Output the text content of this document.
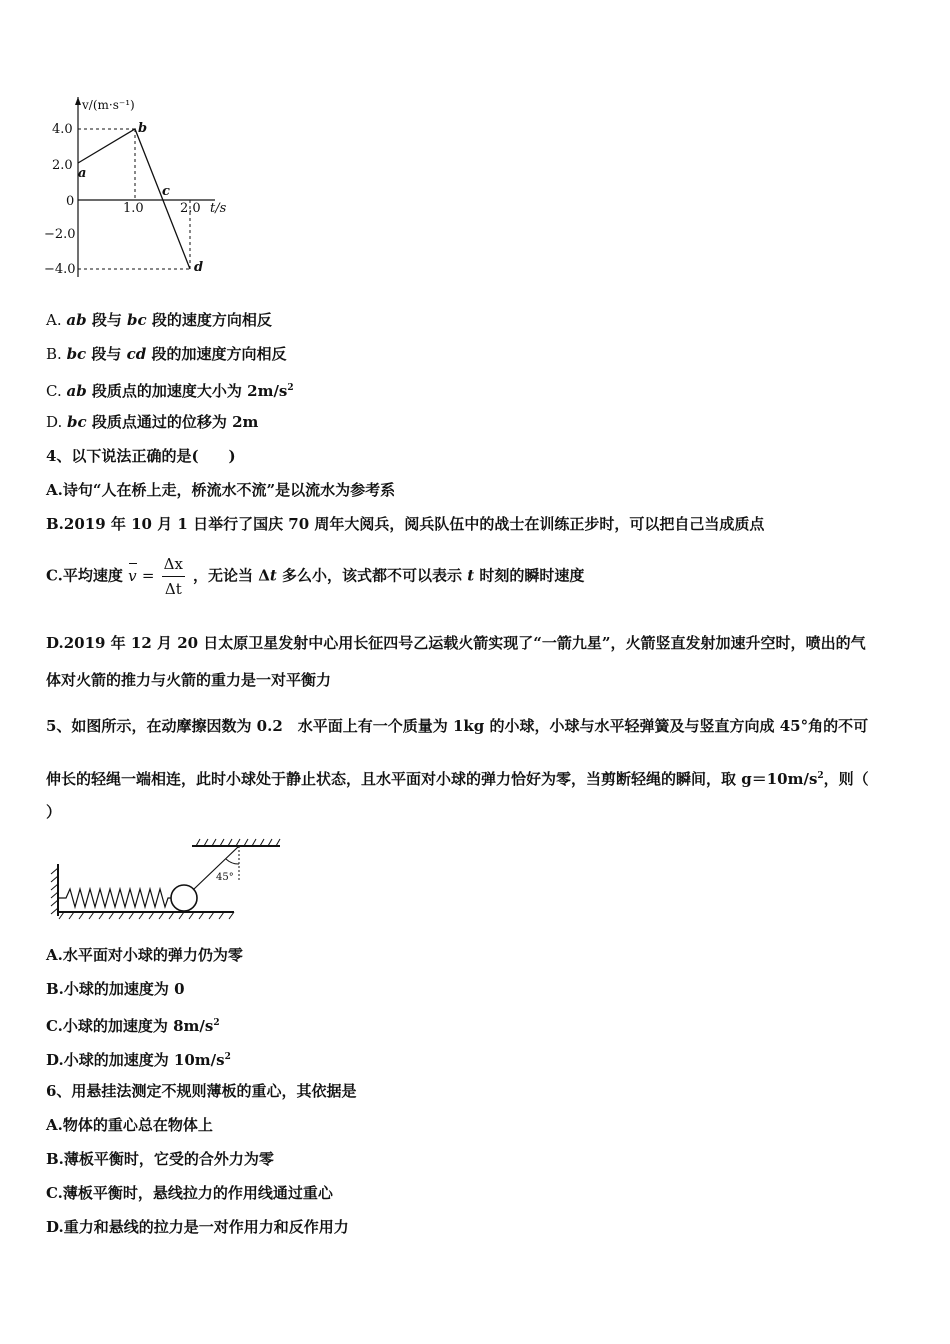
v/(m·s⁻¹)
t/s
4.0
2.0
0
−2.0
−4.0
1.0	2.0
a
b
c
d
A. ab 段与 bc 段的速度方向相反
B. bc 段与 cd 段的加速度方向相反
C. ab 段质点的加速度大小为 $2m/s^2$
D. bc 段质点通过的位移为 2m
4、以下说法正确的是(　　)
A.诗句“人在桥上走，桥流水不流”是以流水为参考系
B.2019 年 10 月 1 日举行了国庆 70 周年大阅兵，阅兵队伍中的战士在训练正步时，可以把自己当成质点
C.平均速度 $v = \frac{\Delta x}{\Delta t}$ ，无论当 Δt 多么小，该式都不可以表示 t 时刻的瞬时速度
D.2019 年 12 月 20 日太原卫星发射中心用长征四号乙运载火箭实现了“一箭九星”，火箭竖直发射加速升空时，喷出的气
体对火箭的推力与火箭的重力是一对平衡力
5、如图所示，在动摩擦因数为 0.2　水平面上有一个质量为 1kg 的小球，小球与水平轻弹簧及与竖直方向成 45°角的不可
伸长的轻绳一端相连，此时小球处于静止状态，且水平面对小球的弹力恰好为零，当剪断轻绳的瞬间，取 $g=10m/s^2$，则（
）
45°
A.水平面对小球的弹力仍为零
B.小球的加速度为 0
C.小球的加速度为 $8m/s^2$
D.小球的加速度为 $10m/s^2$
6、用悬挂法测定不规则薄板的重心，其依据是
A.物体的重心总在物体上
B.薄板平衡时，它受的合外力为零
C.薄板平衡时，悬线拉力的作用线通过重心
D.重力和悬线的拉力是一对作用力和反作用力
